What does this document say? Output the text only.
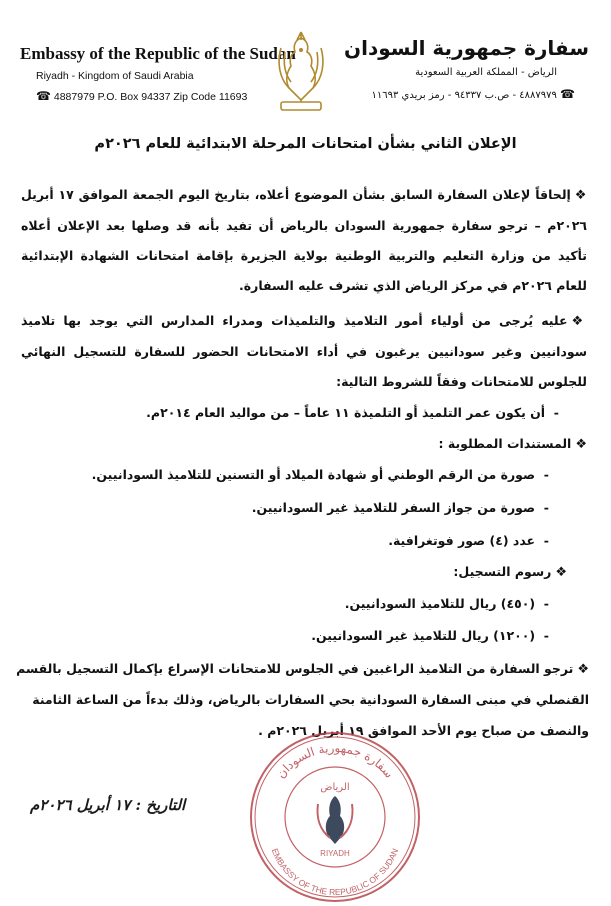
Embassy of the Republic of the Sudan
Riyadh - Kingdom of Saudi Arabia
☎ 4887979 P.O. Box 94337 Zip Code 11693
سفارة جمهورية السودان
الرياض - المملكة العربية السعودية
☎ ٤٨٨٧٩٧٩ - ص.ب ٩٤٣٣٧ - رمز بريدي ١١٦٩٣
الإعلان الثاني بشأن امتحانات المرحلة الابتدائية للعام ٢٠٢٦م
❖إلحاقاً لإعلان السفارة السابق بشأن الموضوع أعلاه، بتاريخ اليوم الجمعة الموافق ١٧ أبريل ٢٠٢٦م – ترجو سفارة جمهورية السودان بالرياض أن تفيد بأنه قد وصلها بعد الإعلان أعلاه تأكيد من وزارة التعليم والتربية الوطنية بولاية الجزيرة بإقامة امتحانات الشهادة الإبتدائية للعام ٢٠٢٦م في مركز الرياض الذي تشرف عليه السفارة.
❖عليه يُرجى من أولياء أمور التلاميذ والتلميذات ومدراء المدارس التي يوجد بها تلاميذ سودانيين وغير سودانيين يرغبون في أداء الامتحانات الحضور للسفارة للتسجيل النهائي للجلوس للامتحانات وفقاً للشروط التالية:
-  أن يكون عمر التلميذ أو التلميذة ١١ عاماً – من مواليد العام ٢٠١٤م.
❖المستندات المطلوبة :
-  صورة من الرقم الوطني أو شهادة الميلاد أو التسنين للتلاميذ السودانيين.
-  صورة من جواز السفر للتلاميذ غير السودانيين.
-  عدد (٤) صور فوتغرافية.
❖رسوم التسجيل:
-  (٤٥٠) ريال للتلاميذ السودانيين.
-  (١٢٠٠) ريال للتلاميذ غير السودانيين.
❖ترجو السفارة من التلاميذ الراغبين في الجلوس للامتحانات الإسراع بإكمال التسجيل بالقسم
القنصلي في مبنى السفارة السودانية بحي السفارات بالرياض، وذلك بدءاً من الساعة الثامنة
والنصف من صباح يوم الأحد الموافق ١٩ أبريل ٢٠٢٦م .
سفارة جمهورية السودان
EMBASSY OF THE REPUBLIC OF SUDAN
الرياض
RIYADH
التاريخ : ١٧ أبريل ٢٠٢٦م
